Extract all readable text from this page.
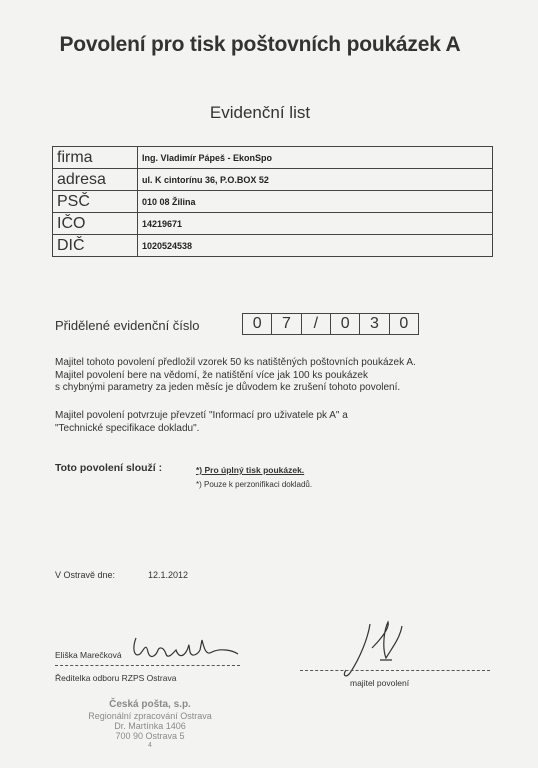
Povolení pro tisk poštovních poukázek A
Evidenční list
firma	Ing. Vladimír Pápeš - EkonSpo
adresa	ul. K cintorínu 36, P.O.BOX 52
PSČ	010 08 Žilina
IČO	14219671
DIČ	1020524538
Přidělené evidenční číslo	0	7	/	0	3	0
Majitel tohoto povolení předložil vzorek 50 ks natištěných poštovních poukázek A.
Majitel povolení bere na vědomí, že natištění více jak 100 ks poukázek
s chybnými parametry za jeden měsíc je důvodem ke zrušení tohoto povolení.
Majitel povolení potvrzuje převzetí "Informací pro uživatele pk A" a
"Technické specifikace dokladu".
Toto povolení slouží :	*) Pro úplný tisk poukázek.
*) Pouze k perzonifikaci dokladů.
V Ostravě dne:	12.1.2012
Eliška Marečková
Ředitelka odboru RZPS Ostrava	majitel povolení
Česká pošta, s.p.
Regionální zpracování Ostrava
Dr. Martínka 1406
700 90 Ostrava 5
4
